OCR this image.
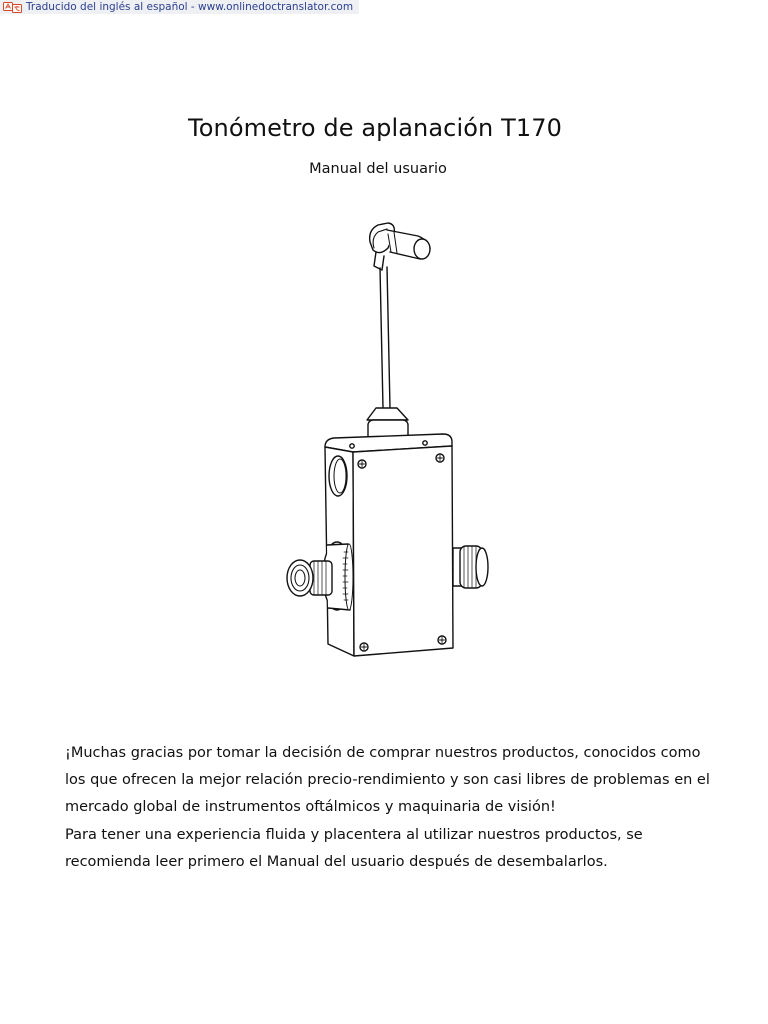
Traducido del inglés al español - www.onlinedoctranslator.com
Tonómetro de aplanación T170
Manual del usuario

¡Muchas gracias por tomar la decisión de comprar nuestros productos, conocidos como los que ofrecen la mejor relación precio-rendimiento y son casi libres de problemas en el mercado global de instrumentos oftálmicos y maquinaria de visión!

Para tener una experiencia fluida y placentera al utilizar nuestros productos, se recomienda leer primero el Manual del usuario después de desembalarlos.
